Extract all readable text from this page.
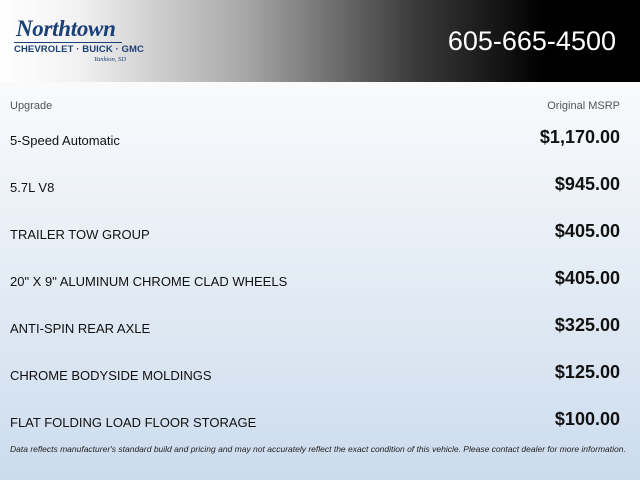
Northtown
CHEVROLET · BUICK · GMC
Yankton, SD
605-665-4500
Upgrade	Original MSRP
5-Speed Automatic	$1,170.00
5.7L V8	$945.00
TRAILER TOW GROUP	$405.00
20" X 9" ALUMINUM CHROME CLAD WHEELS	$405.00
ANTI-SPIN REAR AXLE	$325.00
CHROME BODYSIDE MOLDINGS	$125.00
FLAT FOLDING LOAD FLOOR STORAGE	$100.00
Data reflects manufacturer's standard build and pricing and may not accurately reflect the exact condition of this vehicle. Please contact dealer for more information.
